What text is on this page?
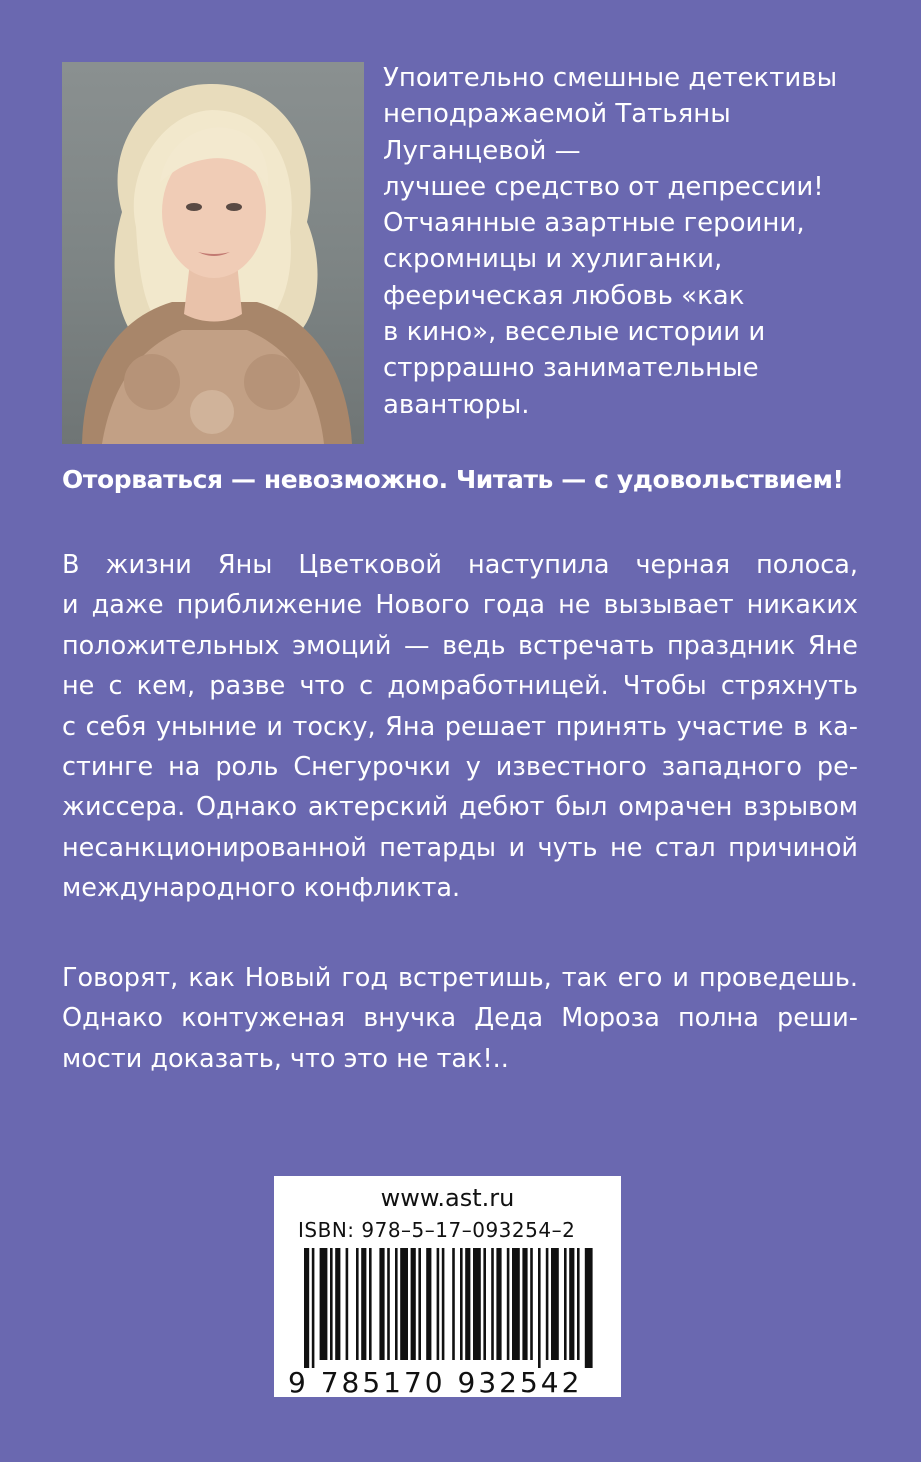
Упоительно смешные детективы
неподражаемой Татьяны
Луганцевой —
лучшее средство от депрессии!
Отчаянные азартные героини,
скромницы и хулиганки,
феерическая любовь «как
в кино», веселые истории и
стрррашно занимательные
авантюры.
Оторваться — невозможно. Читать — с удовольствием!
В жизни Яны Цветковой наступила черная полоса,
и даже приближение Нового года не вызывает никаких
положительных эмоций — ведь встречать праздник Яне
не с кем, разве что с домработницей. Чтобы стряхнуть
с себя уныние и тоску, Яна решает принять участие в ка-
стинге на роль Снегурочки у известного западного ре-
жиссера. Однако актерский дебют был омрачен взрывом
несанкционированной петарды и чуть не стал причиной
международного конфликта.
Говорят, как Новый год встретишь, так его и проведешь.
Однако контуженая внучка Деда Мороза полна реши-
мости доказать, что это не так!..
www.ast.ru
ISBN: 978–5–17–093254–2
9 785170 932542
